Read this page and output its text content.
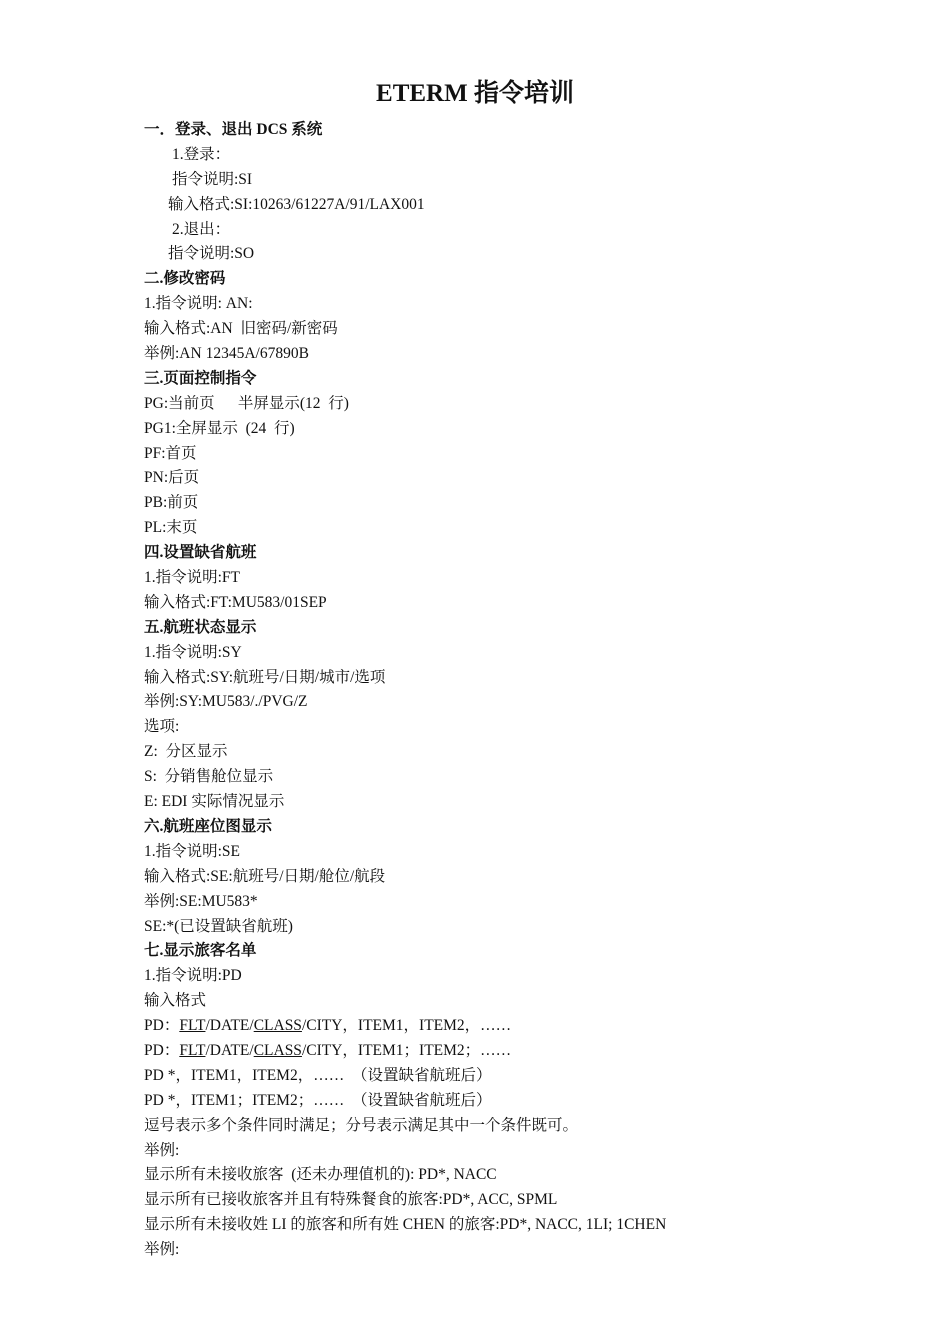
ETERM 指令培训
一．登录、退出 DCS 系统
1.登录：
指令说明:SI
输入格式:SI:10263/61227A/91/LAX001
2.退出：
指令说明:SO
二.修改密码
1.指令说明: AN:
输入格式:AN  旧密码/新密码
举例:AN 12345A/67890B
三.页面控制指令
PG:当前页      半屏显示(12  行)
PG1:全屏显示  (24  行)
PF:首页
PN:后页
PB:前页
PL:末页
四.设置缺省航班
1.指令说明:FT
输入格式:FT:MU583/01SEP
五.航班状态显示
1.指令说明:SY
输入格式:SY:航班号/日期/城市/选项
举例:SY:MU583/./PVG/Z
选项:
Z:  分区显示
S:  分销售舱位显示
E: EDI 实际情况显示
六.航班座位图显示
1.指令说明:SE
输入格式:SE:航班号/日期/舱位/航段
举例:SE:MU583*
SE:*(已设置缺省航班)
七.显示旅客名单
1.指令说明:PD
输入格式
PD：FLT/DATE/CLASS/CITY，ITEM1，ITEM2，……
PD：FLT/DATE/CLASS/CITY，ITEM1；ITEM2；……
PD *，ITEM1，ITEM2，……  （设置缺省航班后）
PD *，ITEM1；ITEM2；……  （设置缺省航班后）
逗号表示多个条件同时满足；分号表示满足其中一个条件既可。
举例:
显示所有未接收旅客  (还未办理值机的): PD*, NACC
显示所有已接收旅客并且有特殊餐食的旅客:PD*, ACC, SPML
显示所有未接收姓 LI 的旅客和所有姓 CHEN 的旅客:PD*, NACC, 1LI; 1CHEN
举例:
